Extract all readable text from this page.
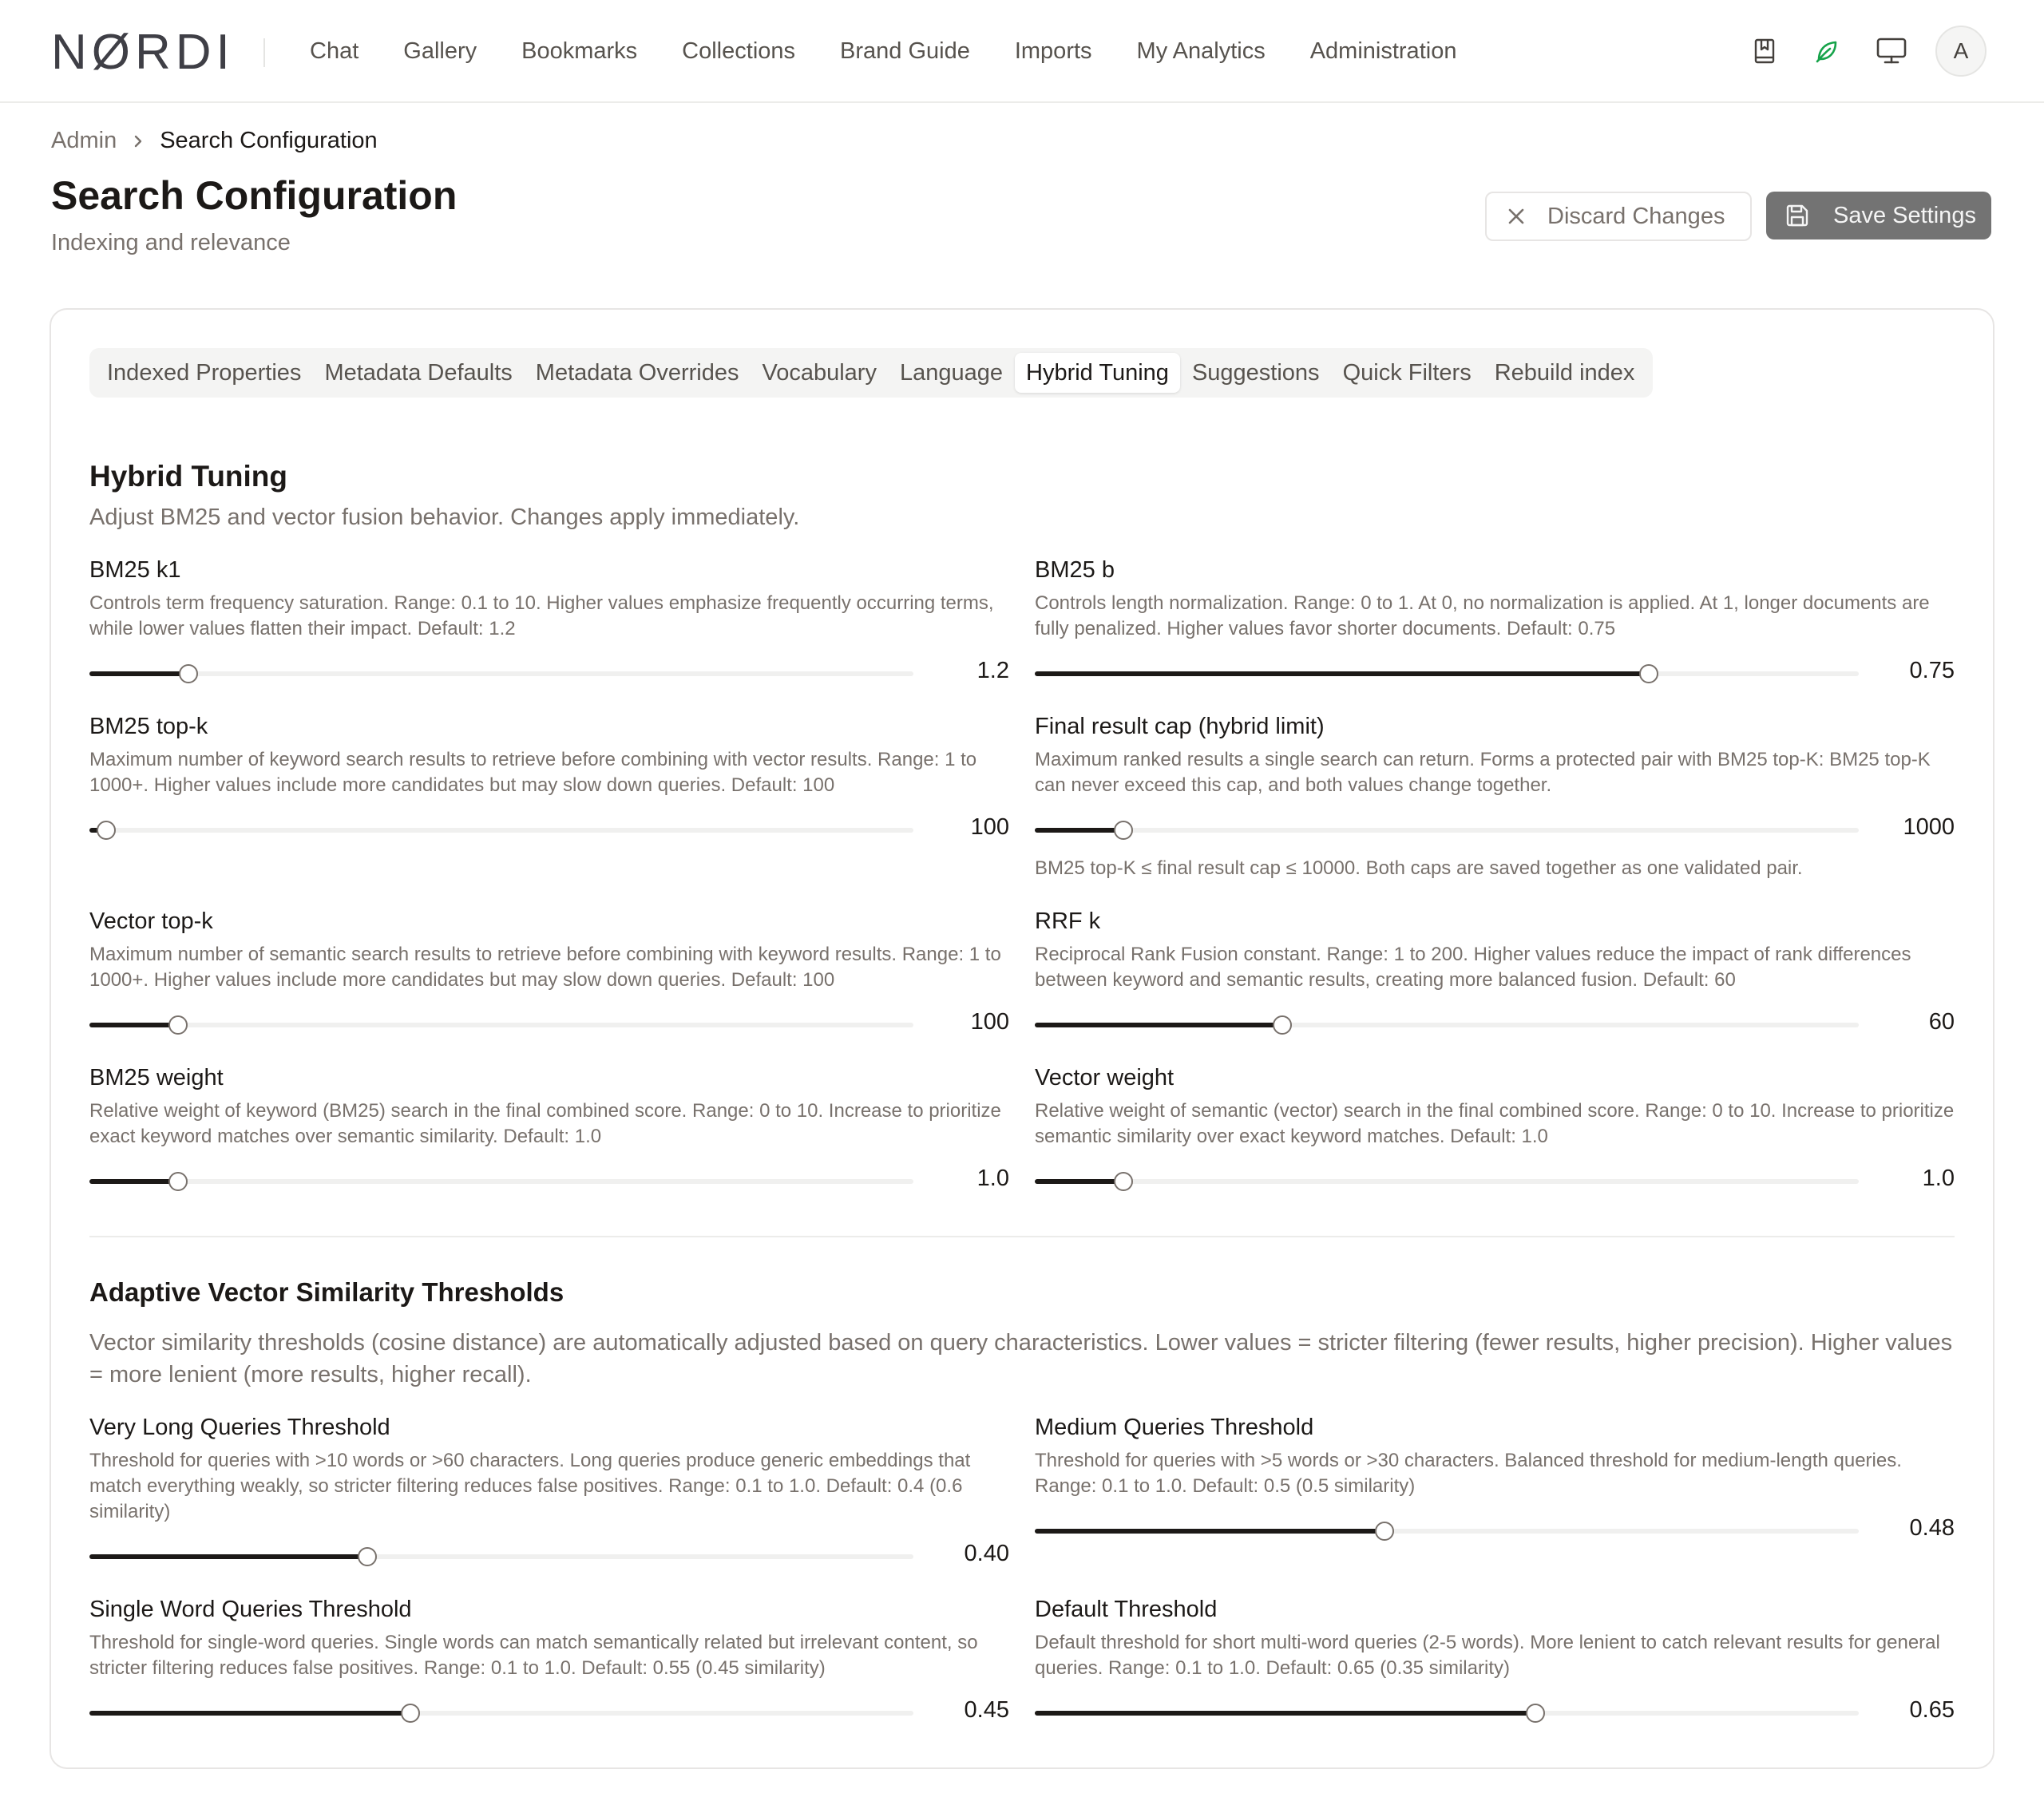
NØRDI	Chat Gallery Bookmarks Collections Brand Guide Imports My Analytics Administration	A
Admin Search Configuration
Search Configuration
Indexing and relevance
Discard Changes	Save Settings
Indexed Properties	Metadata Defaults	Metadata Overrides	Vocabulary	Language	Hybrid Tuning	Suggestions	Quick Filters	Rebuild index
Hybrid Tuning
Adjust BM25 and vector fusion behavior. Changes apply immediately.
BM25 k1
Controls term frequency saturation. Range: 0.1 to 10. Higher values emphasize frequently occurring terms, while lower values flatten their impact. Default: 1.2
1.2
BM25 b
Controls length normalization. Range: 0 to 1. At 0, no normalization is applied. At 1, longer documents are fully penalized. Higher values favor shorter documents. Default: 0.75
0.75
BM25 top-k
Maximum number of keyword search results to retrieve before combining with vector results. Range: 1 to 1000+. Higher values include more candidates but may slow down queries. Default: 100
100
Final result cap (hybrid limit)
Maximum ranked results a single search can return. Forms a protected pair with BM25 top-K: BM25 top-K can never exceed this cap, and both values change together.
1000
BM25 top-K ≤ final result cap ≤ 10000. Both caps are saved together as one validated pair.
Vector top-k
Maximum number of semantic search results to retrieve before combining with keyword results. Range: 1 to 1000+. Higher values include more candidates but may slow down queries. Default: 100
100
RRF k
Reciprocal Rank Fusion constant. Range: 1 to 200. Higher values reduce the impact of rank differences between keyword and semantic results, creating more balanced fusion. Default: 60
60
BM25 weight
Relative weight of keyword (BM25) search in the final combined score. Range: 0 to 10. Increase to prioritize exact keyword matches over semantic similarity. Default: 1.0
1.0
Vector weight
Relative weight of semantic (vector) search in the final combined score. Range: 0 to 10. Increase to prioritize semantic similarity over exact keyword matches. Default: 1.0
1.0
Adaptive Vector Similarity Thresholds
Vector similarity thresholds (cosine distance) are automatically adjusted based on query characteristics. Lower values = stricter filtering (fewer results, higher precision). Higher values = more lenient (more results, higher recall).
Very Long Queries Threshold
Threshold for queries with >10 words or >60 characters. Long queries produce generic embeddings that match everything weakly, so stricter filtering reduces false positives. Range: 0.1 to 1.0. Default: 0.4 (0.6 similarity)
0.40
Medium Queries Threshold
Threshold for queries with >5 words or >30 characters. Balanced threshold for medium-length queries. Range: 0.1 to 1.0. Default: 0.5 (0.5 similarity)
0.48
Single Word Queries Threshold
Threshold for single-word queries. Single words can match semantically related but irrelevant content, so stricter filtering reduces false positives. Range: 0.1 to 1.0. Default: 0.55 (0.45 similarity)
0.45
Default Threshold
Default threshold for short multi-word queries (2-5 words). More lenient to catch relevant results for general queries. Range: 0.1 to 1.0. Default: 0.65 (0.35 similarity)
0.65
